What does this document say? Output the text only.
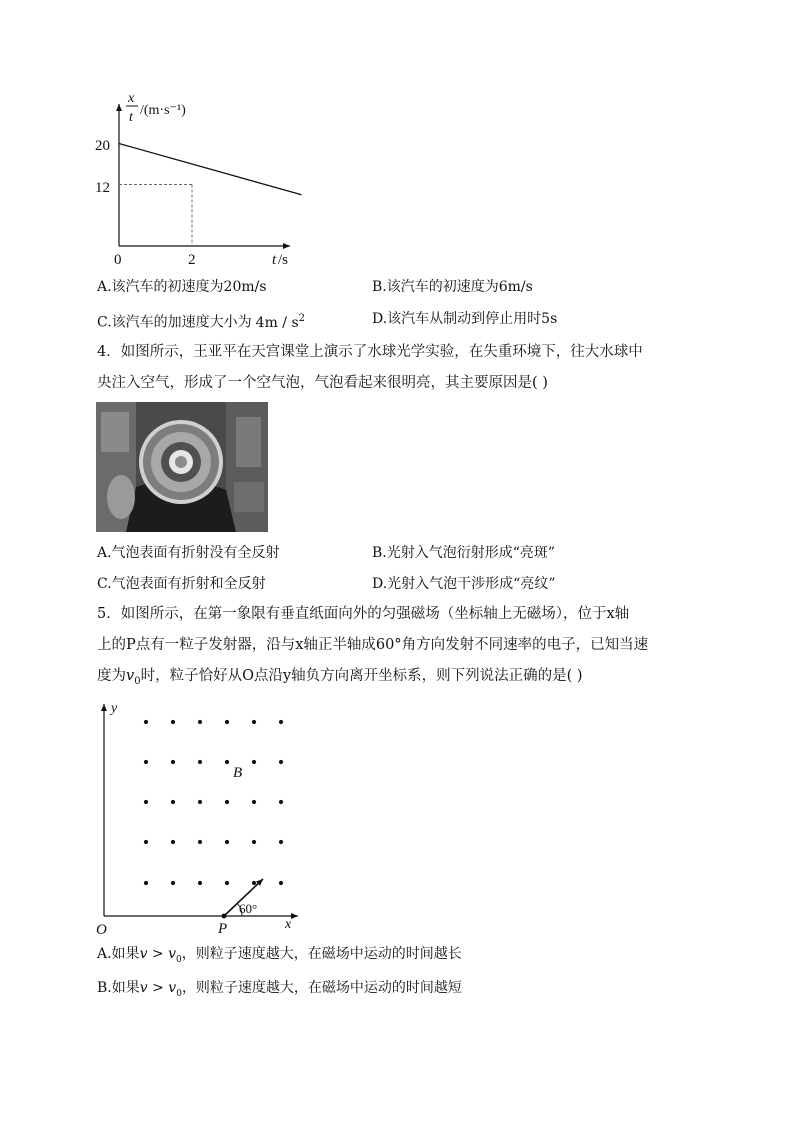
x
t /(m·s⁻¹)
20
12
0	2	t /s
A.该汽车的初速度为20m/s	B.该汽车的初速度为6m/s
C.该汽车的加速度大小为 $4m / s^2$	D.该汽车从制动到停止用时5s
4．如图所示，王亚平在天宫课堂上演示了水球光学实验，在失重环境下，往大水球中
央注入空气，形成了一个空气泡，气泡看起来很明亮，其主要原因是( )
A.气泡表面有折射没有全反射	B.光射入气泡衍射形成“亮斑”
C.气泡表面有折射和全反射	D.光射入气泡干涉形成“亮纹”
5．如图所示，在第一象限有垂直纸面向外的匀强磁场（坐标轴上无磁场），位于x轴
上的P点有一粒子发射器，沿与x轴正半轴成60°角方向发射不同速率的电子，已知当速
度为$v_0$时，粒子恰好从O点沿y轴负方向离开坐标系，则下列说法正确的是( )
y
x
O	P
B
60°
A.如果$v > v_0$，则粒子速度越大，在磁场中运动的时间越长
B.如果$v > v_0$，则粒子速度越大，在磁场中运动的时间越短
